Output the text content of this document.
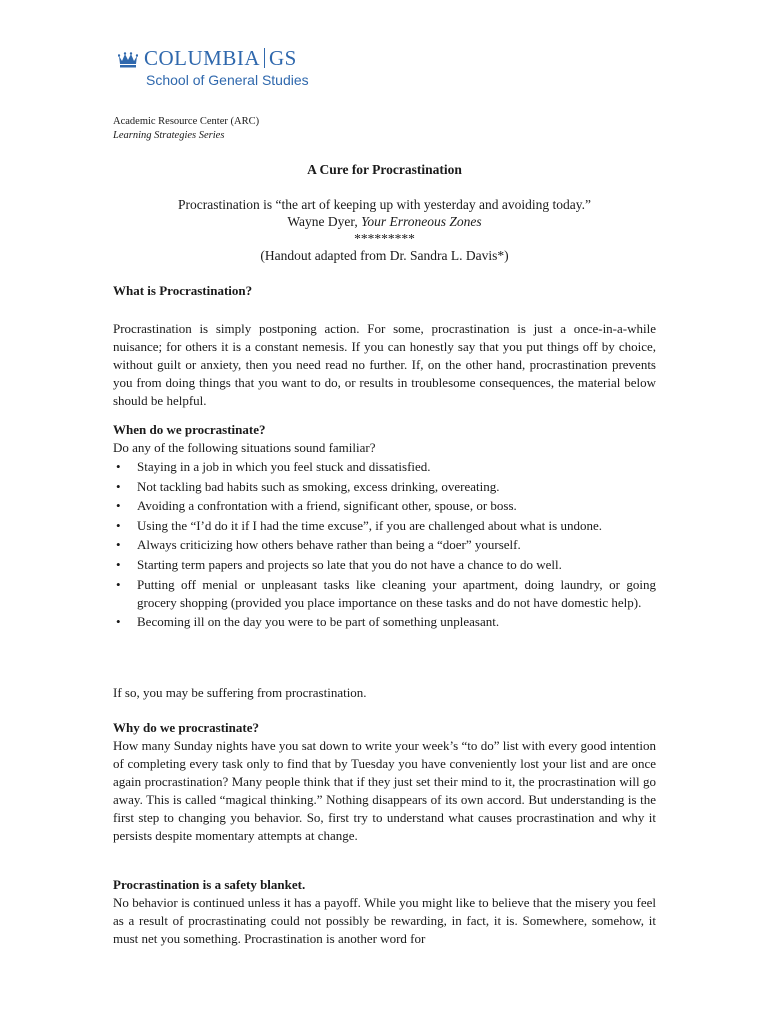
COLUMBIA GS
School of General Studies
Academic Resource Center (ARC)
Learning Strategies Series
A Cure for Procrastination
Procrastination is “the art of keeping up with yesterday and avoiding today.”
Wayne Dyer, Your Erroneous Zones
*********
(Handout adapted from Dr. Sandra L. Davis*)
What is Procrastination?
Procrastination is simply postponing action. For some, procrastination is just a once-in-a-while nuisance; for others it is a constant nemesis. If you can honestly say that you put things off by choice, without guilt or anxiety, then you need read no further. If, on the other hand, procrastination prevents you from doing things that you want to do, or results in troublesome consequences, the material below should be helpful.
When do we procrastinate?
Do any of the following situations sound familiar?
• Staying in a job in which you feel stuck and dissatisfied.
• Not tackling bad habits such as smoking, excess drinking, overeating.
• Avoiding a confrontation with a friend, significant other, spouse, or boss.
• Using the “I’d do it if I had the time excuse”, if you are challenged about what is undone.
• Always criticizing how others behave rather than being a “doer” yourself.
• Starting term papers and projects so late that you do not have a chance to do well.
• Putting off menial or unpleasant tasks like cleaning your apartment, doing laundry, or going grocery shopping (provided you place importance on these tasks and do not have domestic help).
• Becoming ill on the day you were to be part of something unpleasant.
If so, you may be suffering from procrastination.
Why do we procrastinate?
How many Sunday nights have you sat down to write your week’s “to do” list with every good intention of completing every task only to find that by Tuesday you have conveniently lost your list and are once again procrastination? Many people think that if they just set their mind to it, the procrastination will go away. This is called “magical thinking.” Nothing disappears of its own accord. But understanding is the first step to changing you behavior. So, first try to understand what causes procrastination and why it persists despite momentary attempts at change.
Procrastination is a safety blanket.
No behavior is continued unless it has a payoff. While you might like to believe that the misery you feel as a result of procrastinating could not possibly be rewarding, in fact, it is. Somewhere, somehow, it must net you something. Procrastination is another word for
